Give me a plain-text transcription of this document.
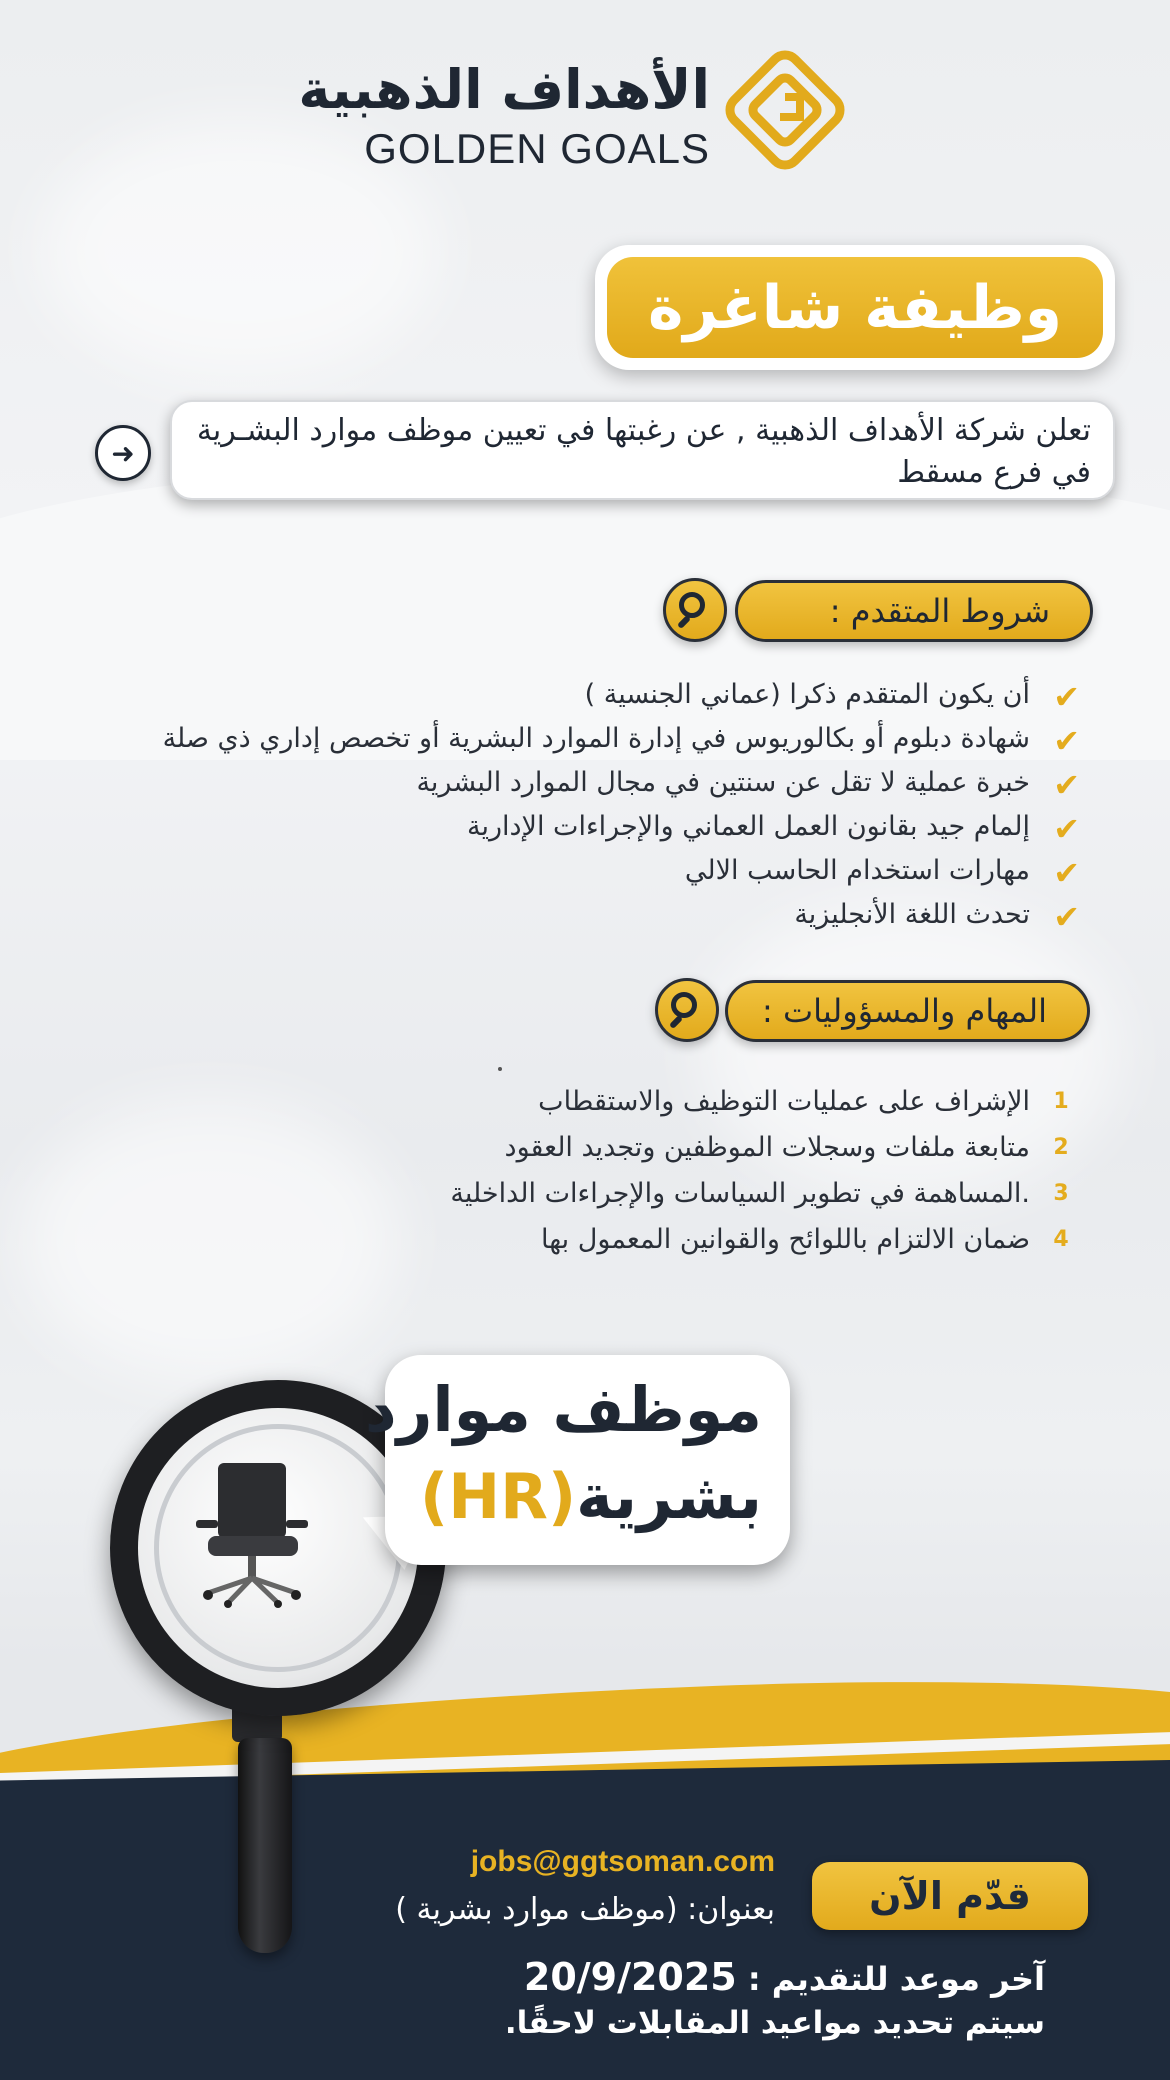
الأهداف الذهبية
GOLDEN GOALS
وظيفة شاغرة
تعلن شركة الأهداف الذهبية , عن رغبتها في تعيين موظف موارد البشـرية في فرع مسقط
➜
شروط المتقدم :
✔
أن يكون المتقدم ذكرا (عماني الجنسية )
✔
شهادة دبلوم أو بكالوريوس في إدارة الموارد البشرية أو تخصص إداري ذي صلة
✔
خبرة عملية لا تقل عن سنتين في مجال الموارد البشرية
✔
إلمام جيد بقانون العمل العماني والإجراءات الإدارية
✔
مهارات استخدام الحاسب الالي
✔
تحدث اللغة الأنجليزية
المهام والمسؤوليات :
1
الإشراف على عمليات التوظيف والاستقطاب
2
متابعة ملفات وسجلات الموظفين وتجديد العقود
3
.المساهمة في تطوير السياسات والإجراءات الداخلية
4
ضمان الالتزام باللوائح والقوانين المعمول بها
موظف موارد
بشرية(HR)
قدّم الآن
jobs@ggtsoman.com
بعنوان: (موظف موارد بشرية )
آخر موعد للتقديم : 20/9/2025
سيتم تحديد مواعيد المقابلات لاحقًا.
